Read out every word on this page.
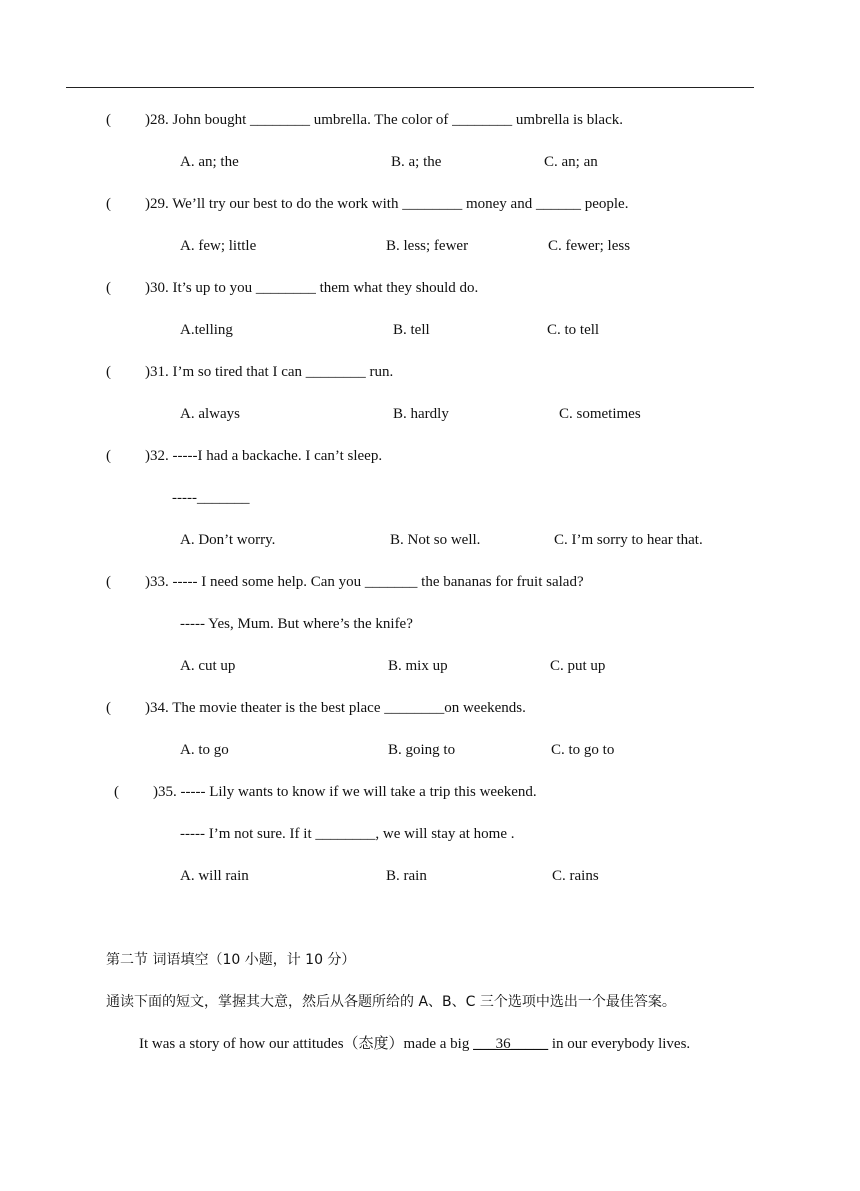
( )28. John bought ________ umbrella. The color of ________ umbrella is black.
A. an; the	B. a; the	C. an; an
( )29. We’ll try our best to do the work with ________ money and ______ people.
A. few; little	B. less; fewer	C. fewer; less
( )30. It’s up to you ________ them what they should do.
A.telling	B. tell	C. to tell
( )31. I’m so tired that I can ________ run.
A. always	B. hardly	C. sometimes
( )32. -----I had a backache. I can’t sleep.
-----_______
A. Don’t worry.	B. Not so well.	C. I’m sorry to hear that.
( )33. ----- I need some help. Can you _______ the bananas for fruit salad?
----- Yes, Mum. But where’s the knife?
A. cut up	B. mix up	C. put up
( )34. The movie theater is the best place ________on weekends.
A. to go	B. going to	C. to go to
( )35. ----- Lily wants to know if we will take a trip this weekend.
----- I’m not sure. If it ________, we will stay at home .
A. will rain	B. rain	C. rains
第二节 词语填空（10 小题，计 10 分）
通读下面的短文，掌握其大意，然后从各题所给的 A、B、C 三个选项中选出一个最佳答案。
It was a story of how our attitudes（态度）made a big ___36_____ in our everybody lives.
